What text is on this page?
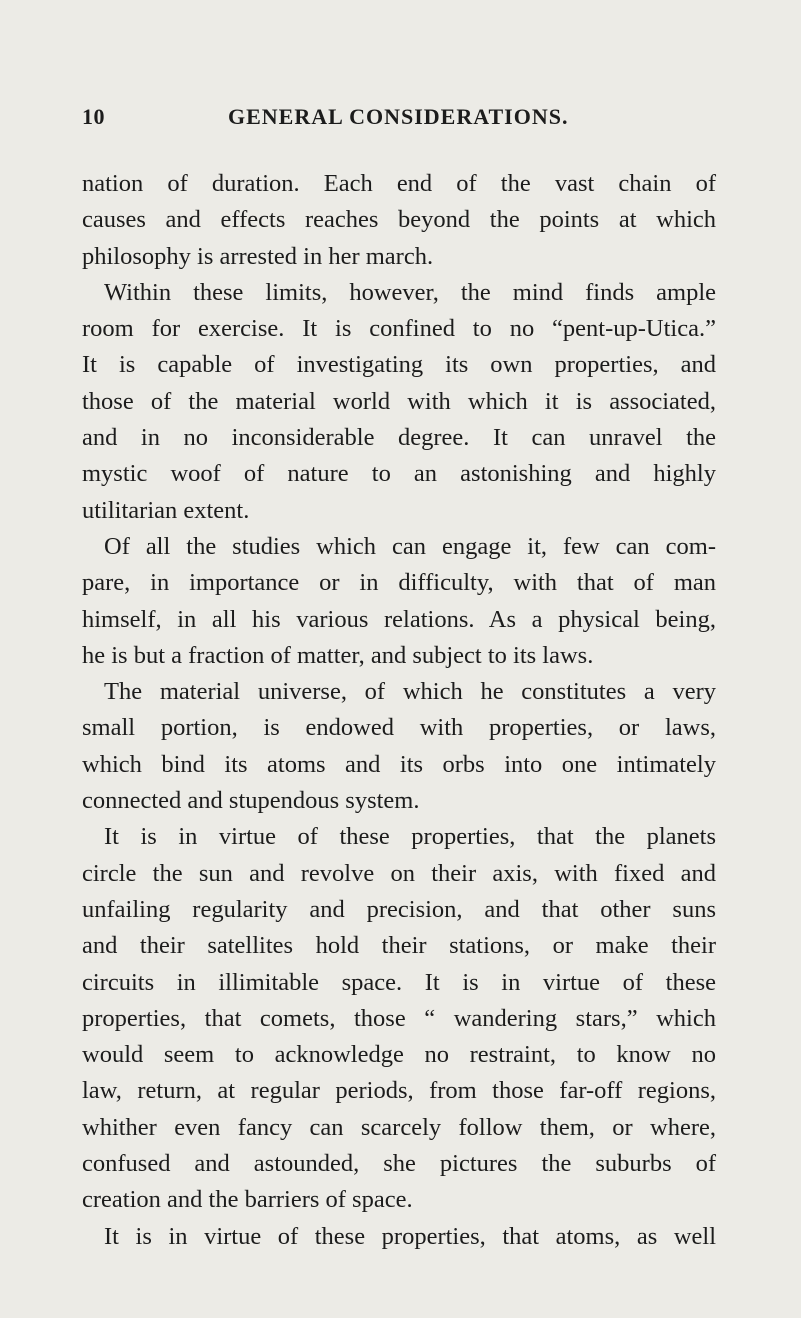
10	GENERAL CONSIDERATIONS.
nation of duration. Each end of the vast chain of
causes and effects reaches beyond the points at which
philosophy is arrested in her march.
Within these limits, however, the mind finds ample
room for exercise. It is confined to no “pent-up-Utica.”
It is capable of investigating its own properties, and
those of the material world with which it is associated,
and in no inconsiderable degree. It can unravel the
mystic woof of nature to an astonishing and highly
utilitarian extent.
Of all the studies which can engage it, few can com-
pare, in importance or in difficulty, with that of man
himself, in all his various relations. As a physical being,
he is but a fraction of matter, and subject to its laws.
The material universe, of which he constitutes a very
small portion, is endowed with properties, or laws,
which bind its atoms and its orbs into one intimately
connected and stupendous system.
It is in virtue of these properties, that the planets
circle the sun and revolve on their axis, with fixed and
unfailing regularity and precision, and that other suns
and their satellites hold their stations, or make their
circuits in illimitable space. It is in virtue of these
properties, that comets, those “ wandering stars,” which
would seem to acknowledge no restraint, to know no
law, return, at regular periods, from those far-off regions,
whither even fancy can scarcely follow them, or where,
confused and astounded, she pictures the suburbs of
creation and the barriers of space.
It is in virtue of these properties, that atoms, as well
